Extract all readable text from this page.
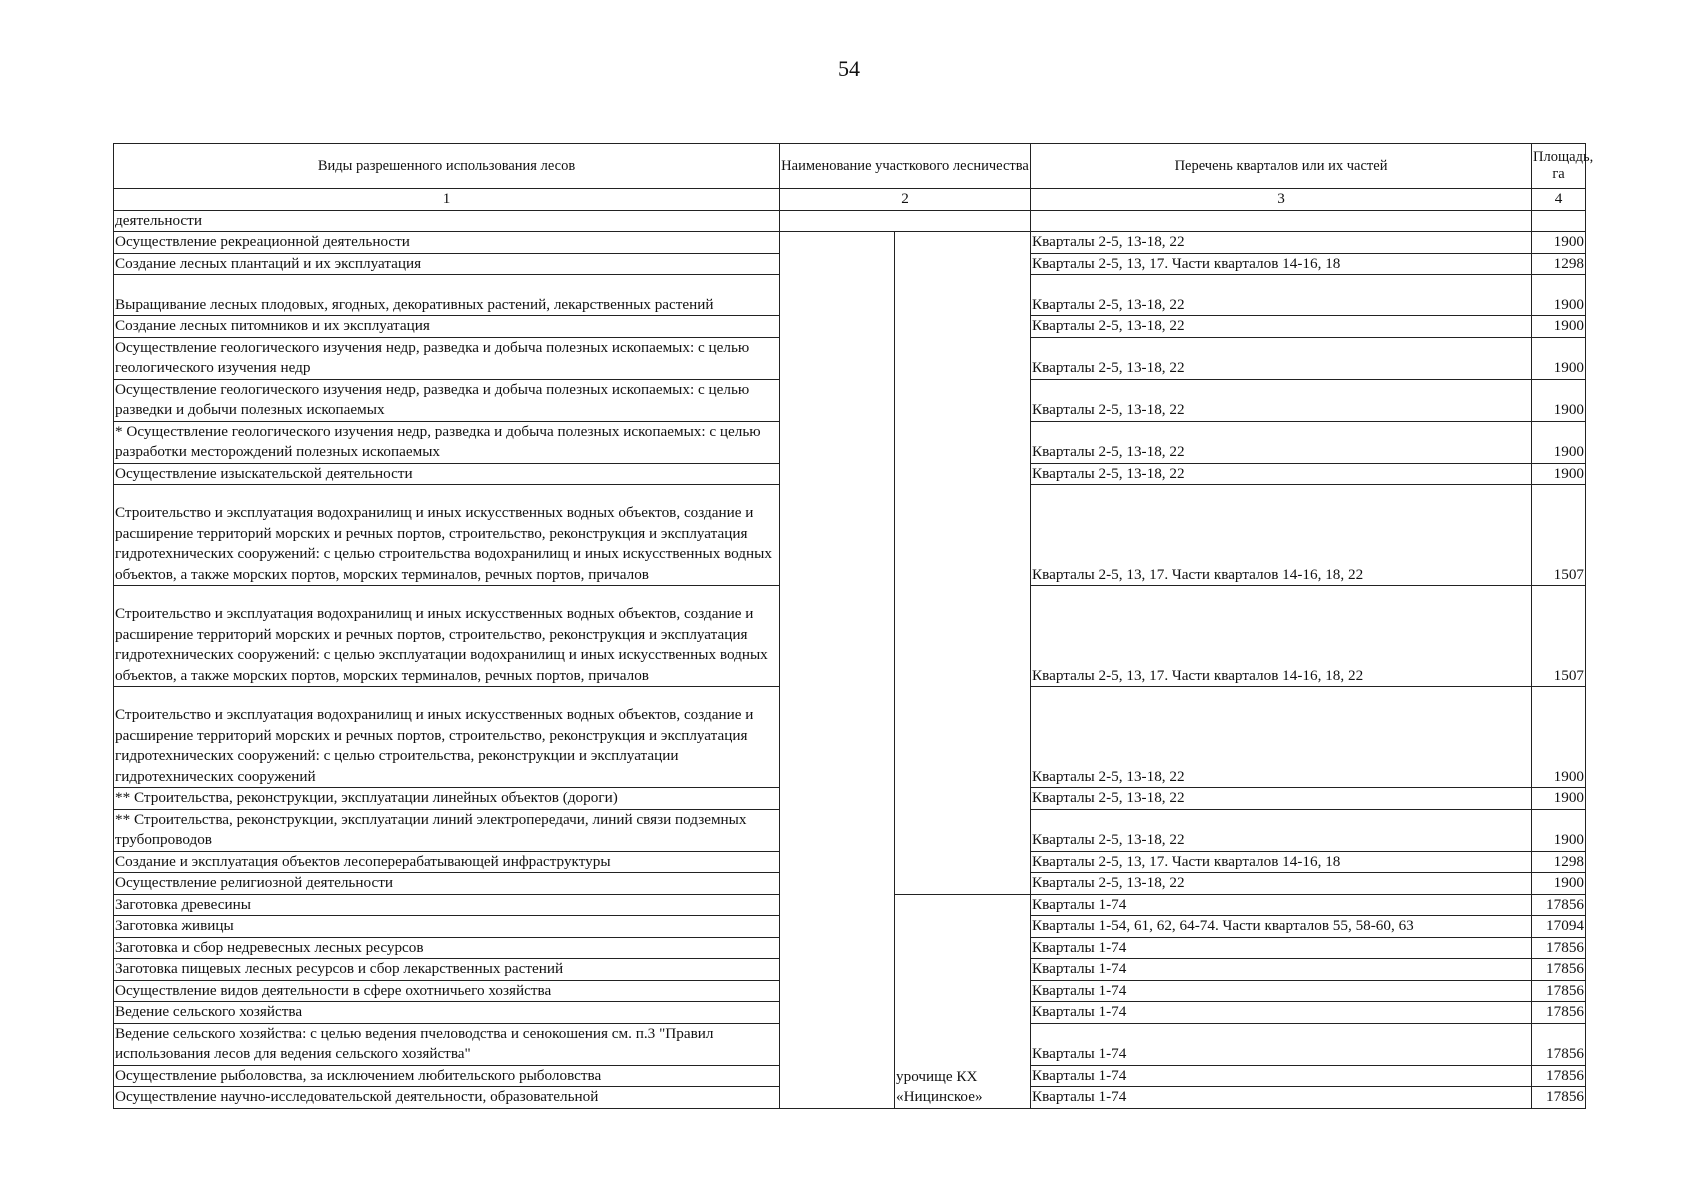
54
Виды разрешенного использования лесов	Наименование участкового лесничества		Перечень кварталов или их частей	Площадь, га
1	2		3	4
деятельности				
Осуществление рекреационной деятельности			Кварталы 2-5, 13-18, 22	1900
Создание лесных плантаций и их эксплуатация			Кварталы 2-5, 13, 17. Части кварталов 14-16, 18	1298
Выращивание лесных плодовых, ягодных, декоративных растений, лекарственных растений			Кварталы 2-5, 13-18, 22	1900
Создание лесных питомников и их эксплуатация			Кварталы 2-5, 13-18, 22	1900
Осуществление геологического изучения недр, разведка и добыча полезных ископаемых: с целью геологического изучения недр			Кварталы 2-5, 13-18, 22	1900
Осуществление геологического изучения недр, разведка и добыча полезных ископаемых: с целью разведки и добычи полезных ископаемых			Кварталы 2-5, 13-18, 22	1900
* Осуществление геологического изучения недр, разведка и добыча полезных ископаемых: с целью разработки месторождений полезных ископаемых			Кварталы 2-5, 13-18, 22	1900
Осуществление изыскательской деятельности			Кварталы 2-5, 13-18, 22	1900
Строительство и эксплуатация водохранилищ и иных искусственных водных объектов, создание и расширение территорий морских и речных портов, строительство, реконструкция и эксплуатация гидротехнических сооружений: с целью строительства водохранилищ и иных искусственных водных объектов, а также морских портов, морских терминалов, речных портов, причалов			Кварталы 2-5, 13, 17. Части кварталов 14-16, 18, 22	1507
Строительство и эксплуатация водохранилищ и иных искусственных водных объектов, создание и расширение территорий морских и речных портов, строительство, реконструкция и эксплуатация гидротехнических сооружений: с целью эксплуатации водохранилищ и иных искусственных водных объектов, а также морских портов, морских терминалов, речных портов, причалов			Кварталы 2-5, 13, 17. Части кварталов 14-16, 18, 22	1507
Строительство и эксплуатация водохранилищ и иных искусственных водных объектов, создание и расширение территорий морских и речных портов, строительство, реконструкция и эксплуатация гидротехнических сооружений: с целью строительства, реконструкции и эксплуатации гидротехнических сооружений			Кварталы 2-5, 13-18, 22	1900
** Строительства, реконструкции, эксплуатации линейных объектов (дороги)			Кварталы 2-5, 13-18, 22	1900
** Строительства, реконструкции, эксплуатации линий электропередачи, линий связи подземных трубопроводов			Кварталы 2-5, 13-18, 22	1900
Создание и эксплуатация объектов лесоперерабатывающей инфраструктуры			Кварталы 2-5, 13, 17. Части кварталов 14-16, 18	1298
Осуществление религиозной деятельности			Кварталы 2-5, 13-18, 22	1900
Заготовка древесины		урочище КХ «Ницинское»	Кварталы 1-74	17856
Заготовка живицы			Кварталы 1-54, 61, 62, 64-74. Части кварталов 55, 58-60, 63	17094
Заготовка и сбор недревесных лесных ресурсов			Кварталы 1-74	17856
Заготовка пищевых лесных ресурсов и сбор лекарственных растений			Кварталы 1-74	17856
Осуществление видов деятельности в сфере охотничьего хозяйства			Кварталы 1-74	17856
Ведение сельского хозяйства			Кварталы 1-74	17856
Ведение сельского хозяйства: с целью ведения пчеловодства и сенокошения см. п.3 "Правил использования лесов для ведения сельского хозяйства"			Кварталы 1-74	17856
Осуществление рыболовства, за исключением любительского рыболовства			Кварталы 1-74	17856
Осуществление научно-исследовательской деятельности, образовательной			Кварталы 1-74	17856
